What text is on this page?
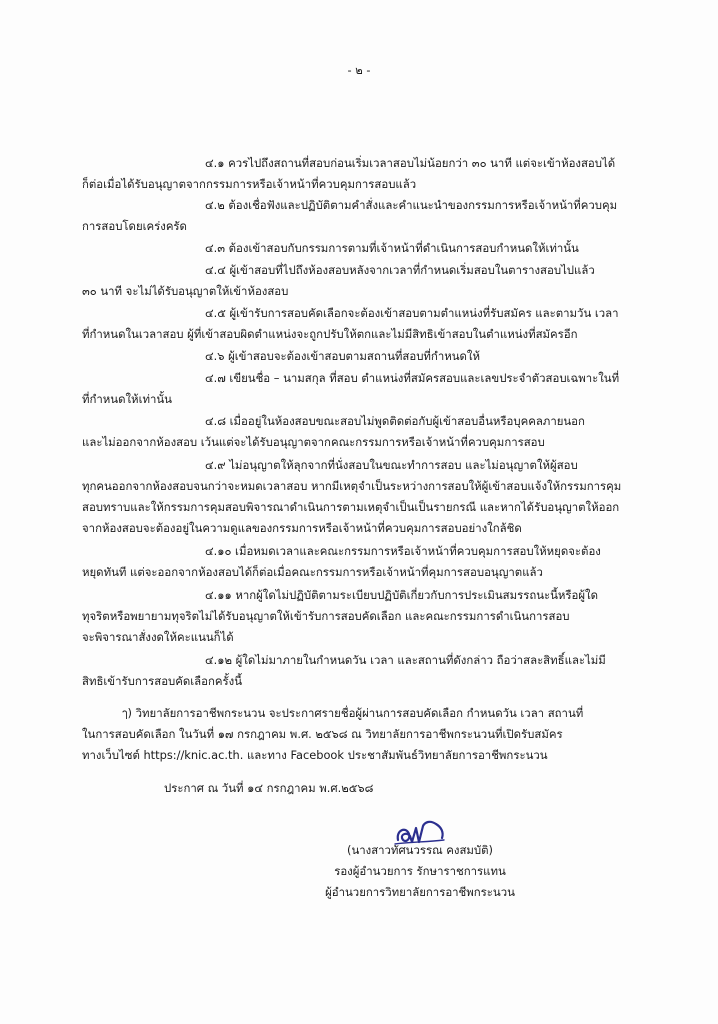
- ๒ -
๔.๑ ควรไปถึงสถานที่สอบก่อนเริ่มเวลาสอบไม่น้อยกว่า ๓๐ นาที แต่จะเข้าห้องสอบได้
ก็ต่อเมื่อได้รับอนุญาตจากกรรมการหรือเจ้าหน้าที่ควบคุมการสอบแล้ว
๔.๒ ต้องเชื่อฟังและปฏิบัติตามคำสั่งและคำแนะนำของกรรมการหรือเจ้าหน้าที่ควบคุม
การสอบโดยเคร่งครัด
๔.๓ ต้องเข้าสอบกับกรรมการตามที่เจ้าหน้าที่ดำเนินการสอบกำหนดให้เท่านั้น
๔.๔ ผู้เข้าสอบที่ไปถึงห้องสอบหลังจากเวลาที่กำหนดเริ่มสอบในตารางสอบไปแล้ว
๓๐ นาที จะไม่ได้รับอนุญาตให้เข้าห้องสอบ
๔.๕ ผู้เข้ารับการสอบคัดเลือกจะต้องเข้าสอบตามตำแหน่งที่รับสมัคร และตามวัน เวลา
ที่กำหนดในเวลาสอบ ผู้ที่เข้าสอบผิดตำแหน่งจะถูกปรับให้ตกและไม่มีสิทธิเข้าสอบในตำแหน่งที่สมัครอีก
๔.๖ ผู้เข้าสอบจะต้องเข้าสอบตามสถานที่สอบที่กำหนดให้
๔.๗ เขียนชื่อ – นามสกุล ที่สอบ ตำแหน่งที่สมัครสอบและเลขประจำตัวสอบเฉพาะในที่
ที่กำหนดให้เท่านั้น
๔.๘ เมื่ออยู่ในห้องสอบขณะสอบไม่พูดติดต่อกับผู้เข้าสอบอื่นหรือบุคคลภายนอก
และไม่ออกจากห้องสอบ เว้นแต่จะได้รับอนุญาตจากคณะกรรมการหรือเจ้าหน้าที่ควบคุมการสอบ
๔.๙ ไม่อนุญาตให้ลุกจากที่นั่งสอบในขณะทำการสอบ และไม่อนุญาตให้ผู้สอบ
ทุกคนออกจากห้องสอบจนกว่าจะหมดเวลาสอบ หากมีเหตุจำเป็นระหว่างการสอบให้ผู้เข้าสอบแจ้งให้กรรมการคุม
สอบทราบและให้กรรมการคุมสอบพิจารณาดำเนินการตามเหตุจำเป็นเป็นรายกรณี และหากได้รับอนุญาตให้ออก
จากห้องสอบจะต้องอยู่ในความดูแลของกรรมการหรือเจ้าหน้าที่ควบคุมการสอบอย่างใกล้ชิด
๔.๑๐ เมื่อหมดเวลาและคณะกรรมการหรือเจ้าหน้าที่ควบคุมการสอบให้หยุดจะต้อง
หยุดทันที แต่จะออกจากห้องสอบได้ก็ต่อเมื่อคณะกรรมการหรือเจ้าหน้าที่คุมการสอบอนุญาตแล้ว
๔.๑๑ หากผู้ใดไม่ปฏิบัติตามระเบียบปฏิบัติเกี่ยวกับการประเมินสมรรถนะนี้หรือผู้ใด
ทุจริตหรือพยายามทุจริตไม่ได้รับอนุญาตให้เข้ารับการสอบคัดเลือก และคณะกรรมการดำเนินการสอบ
จะพิจารณาสั่งงดให้คะแนนก็ได้
๔.๑๒ ผู้ใดไม่มาภายในกำหนดวัน เวลา และสถานที่ดังกล่าว ถือว่าสละสิทธิ์และไม่มี
สิทธิเข้ารับการสอบคัดเลือกครั้งนี้
ๅ) วิทยาลัยการอาชีพกระนวน จะประกาศรายชื่อผู้ผ่านการสอบคัดเลือก กำหนดวัน เวลา สถานที่
ในการสอบคัดเลือก ในวันที่ ๑๗ กรกฎาคม พ.ศ. ๒๕๖๘ ณ วิทยาลัยการอาชีพกระนวนที่เปิดรับสมัคร
ทางเว็บไซต์ https://knic.ac.th. และทาง Facebook ประชาสัมพันธ์วิทยาลัยการอาชีพกระนวน
ประกาศ ณ วันที่ ๑๔ กรกฎาคม พ.ศ.๒๕๖๘
(นางสาวทัศนวรรณ คงสมบัติ)
รองผู้อำนวยการ รักษาราชการแทน
ผู้อำนวยการวิทยาลัยการอาชีพกระนวน
